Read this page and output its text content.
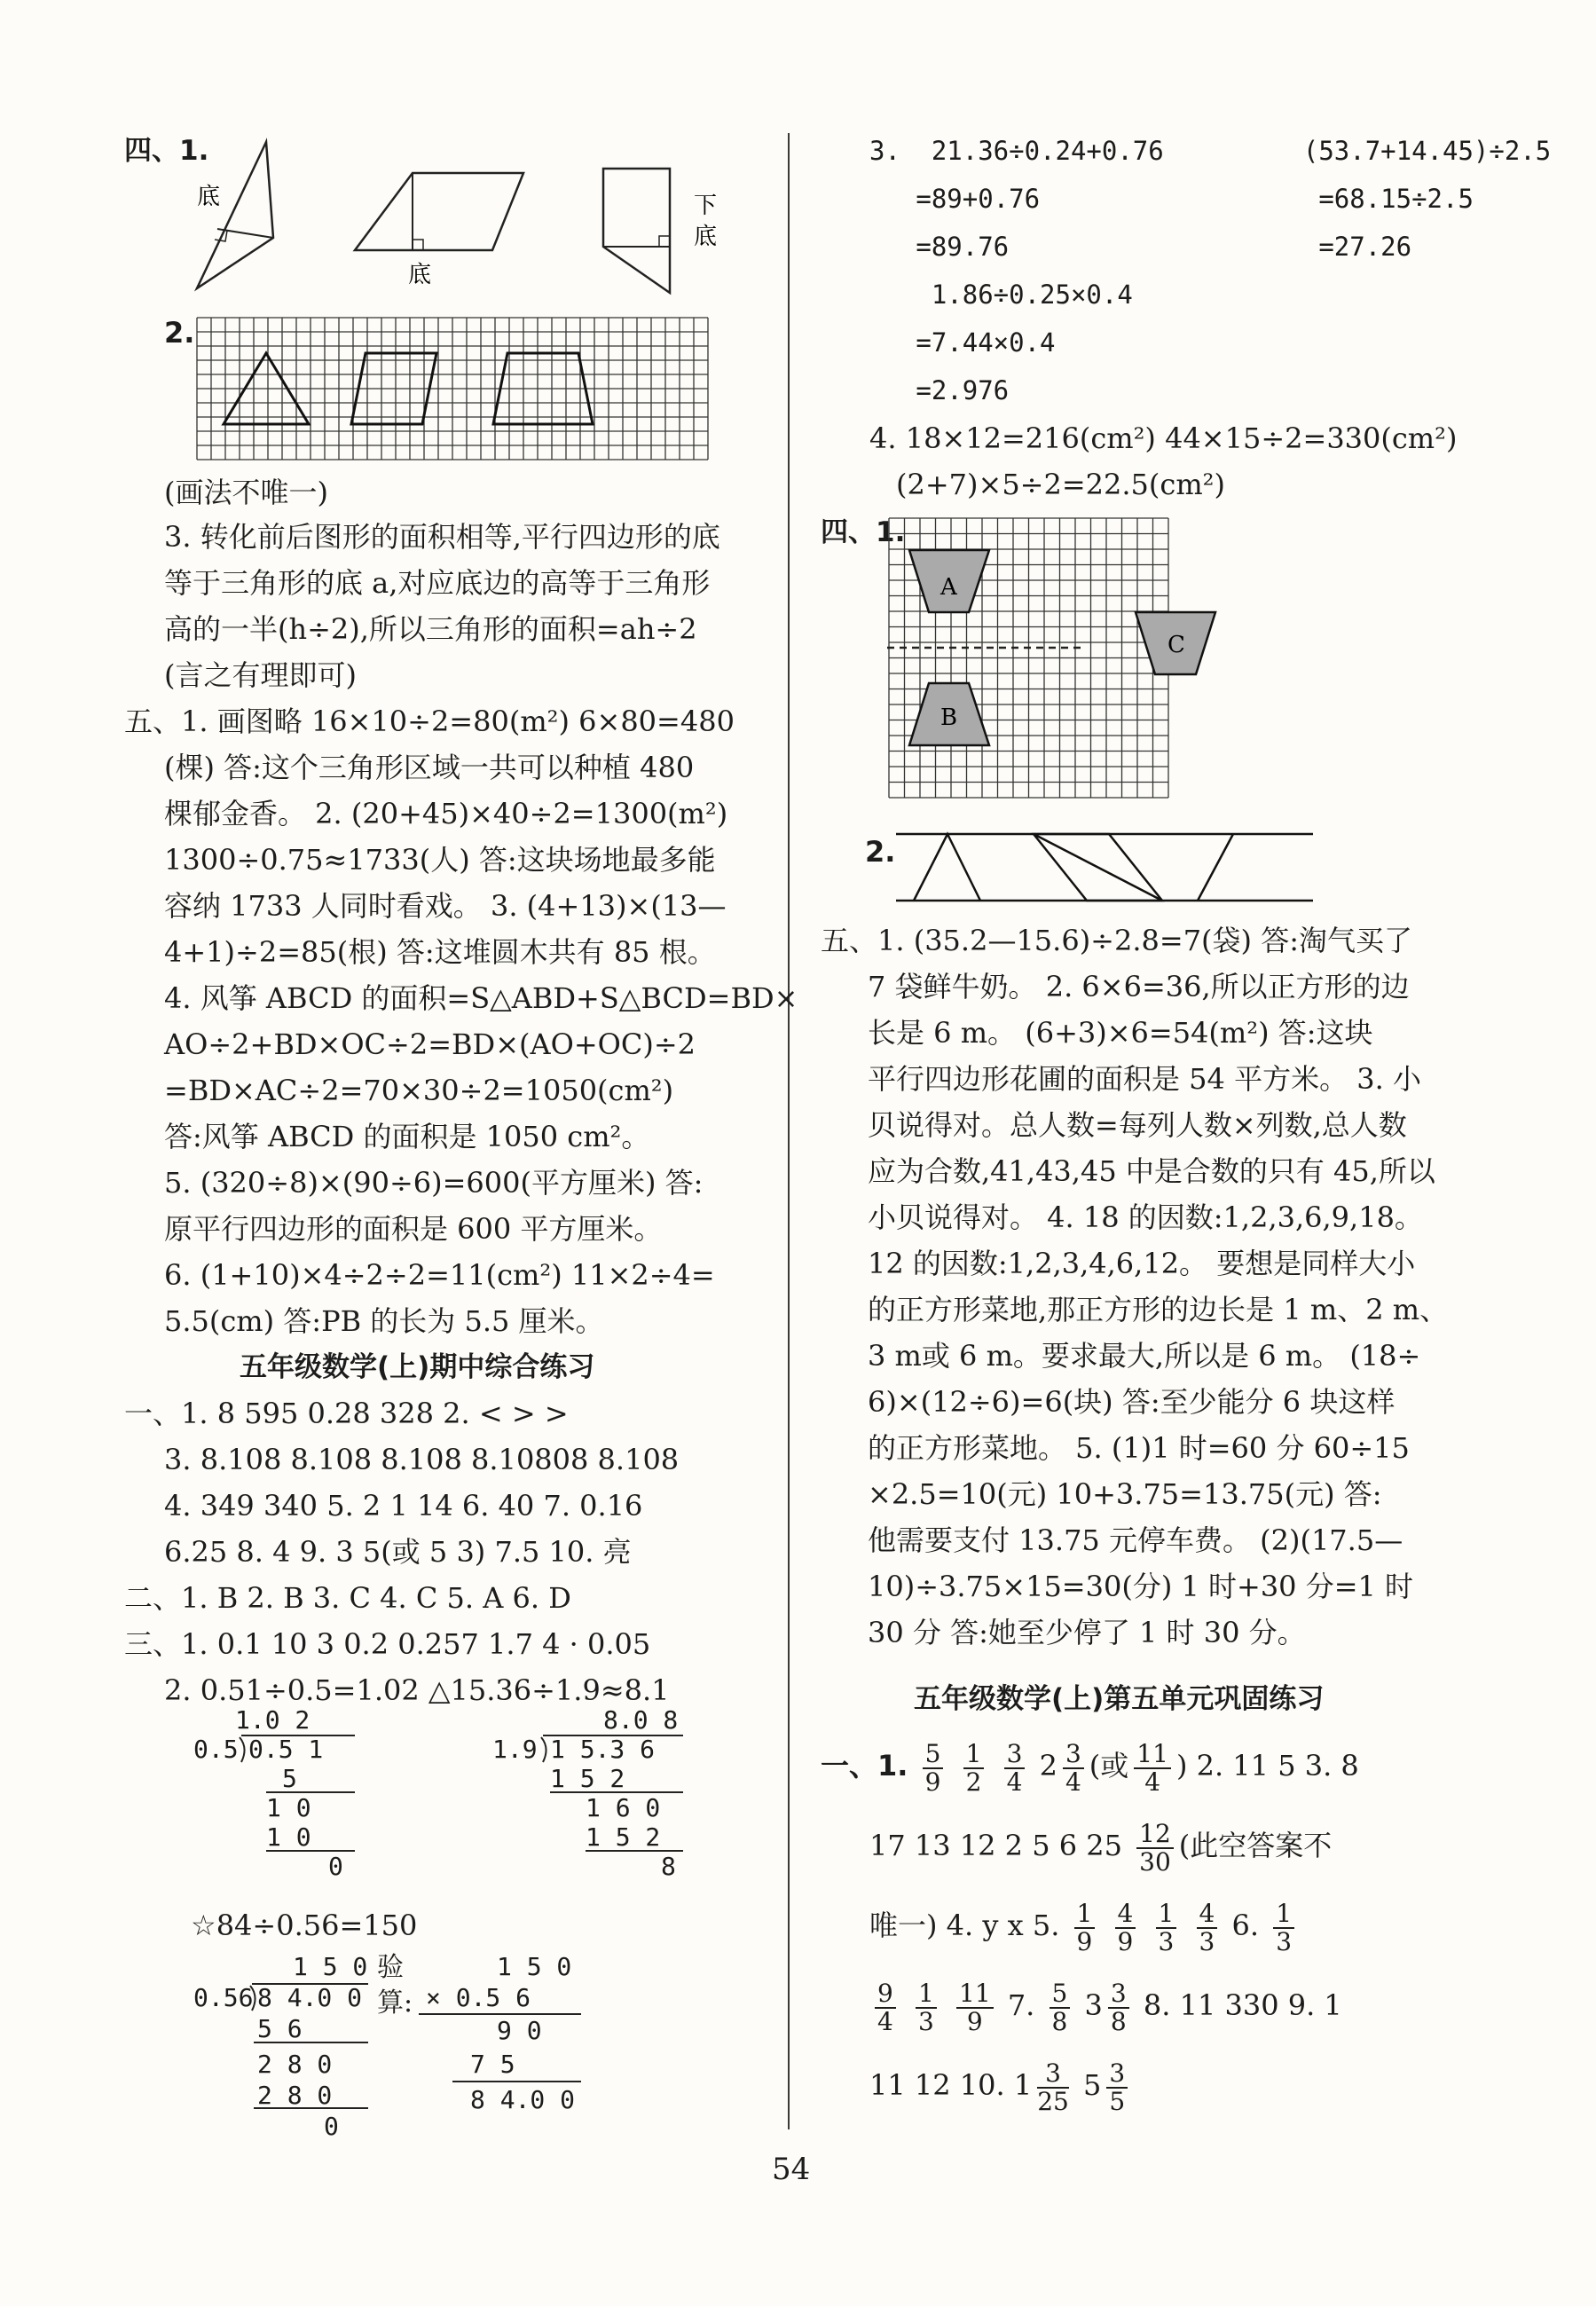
四、1.
底
底
下
底
2.
(画法不唯一)
3. 转化前后图形的面积相等,平行四边形的底
等于三角形的底 a,对应底边的高等于三角形
高的一半(h÷2),所以三角形的面积=ah÷2
(言之有理即可)
五、1. 画图略 16×10÷2=80(m²) 6×80=480
(棵) 答:这个三角形区域一共可以种植 480
棵郁金香。 2. (20+45)×40÷2=1300(m²)
1300÷0.75≈1733(人) 答:这块场地最多能
容纳 1733 人同时看戏。 3. (4+13)×(13—
4+1)÷2=85(根) 答:这堆圆木共有 85 根。
4. 风筝 ABCD 的面积=S△ABD+S△BCD=BD×
AO÷2+BD×OC÷2=BD×(AO+OC)÷2
=BD×AC÷2=70×30÷2=1050(cm²)
答:风筝 ABCD 的面积是 1050 cm²。
5. (320÷8)×(90÷6)=600(平方厘米) 答:
原平行四边形的面积是 600 平方厘米。
6. (1+10)×4÷2÷2=11(cm²) 11×2÷4=
5.5(cm) 答:PB 的长为 5.5 厘米。
五年级数学(上)期中综合练习
一、1. 8 595 0.28 328 2. < > >
3. 8.108 8.108 8.108 8.10808 8.108
4. 349 340 5. 2 1 14 6. 40 7. 0.16
6.25 8. 4 9. 3 5(或 5 3) 7.5 10. 亮
二、1. B 2. B 3. C 4. C 5. A 6. D
三、1. 0.1 10 3 0.2 0.257 1.7 4 · 0.05
2. 0.51÷0.5=1.02 △15.36÷1.9≈8.1
1.0 2
0.5 0.5 1
5
1 0
1 0
0
8.0 8
1.9 1 5.3 6
1 5 2
1 6 0
1 5 2
8
☆84÷0.56=150
1 5 0
0.56 8 4.0 0
5 6
2 8 0
2 8 0
0
验
算:
1 5 0
× 0.5 6
9 0
7 5
8 4.0 0
3.  21.36÷0.24+0.76         (53.7+14.45)÷2.5
=89+0.76                  =68.15÷2.5
=89.76                    =27.26
1.86÷0.25×0.4
=7.44×0.4
=2.976
4. 18×12=216(cm²) 44×15÷2=330(cm²)
(2+7)×5÷2=22.5(cm²)
四、1.
A
B
C
2.
五、1. (35.2—15.6)÷2.8=7(袋) 答:淘气买了
7 袋鲜牛奶。 2. 6×6=36,所以正方形的边
长是 6 m。 (6+3)×6=54(m²) 答:这块
平行四边形花圃的面积是 54 平方米。 3. 小
贝说得对。总人数=每列人数×列数,总人数
应为合数,41,43,45 中是合数的只有 45,所以
小贝说得对。 4. 18 的因数:1,2,3,6,9,18。
12 的因数:1,2,3,4,6,12。 要想是同样大小
的正方形菜地,那正方形的边长是 1 m、2 m、
3 m或 6 m。要求最大,所以是 6 m。 (18÷
6)×(12÷6)=6(块) 答:至少能分 6 块这样
的正方形菜地。 5. (1)1 时=60 分 60÷15
×2.5=10(元) 10+3.75=13.75(元) 答:
他需要支付 13.75 元停车费。 (2)(17.5—
10)÷3.75×15=30(分) 1 时+30 分=1 时
30 分 答:她至少停了 1 时 30 分。
五年级数学(上)第五单元巩固练习
一、1. $\frac{5}{9}$
$\frac{1}{2}$
$\frac{3}{4} 2 \frac{3}{4}$ (或 $\frac{11}{4}$ ) 2. 11 5 3. 8
17 13 12 2 5 6 $25 \frac{12}{30}$ (此空答案不
唯一) 4. y x 5. $\frac{1}{9}$
$\frac{4}{9}$
$\frac{1}{3}$
$\frac{4}{3} 6$. $\frac{1}{3}$
$\frac{9}{4}$
$\frac{1}{3}$
$\frac{11}{9} 7$. $\frac{5}{8} 3 \frac{3}{8} 8$. 11 330 9. 1
11 12 10. $1 \frac{3}{25} 5 \frac{3}{5}$
54
